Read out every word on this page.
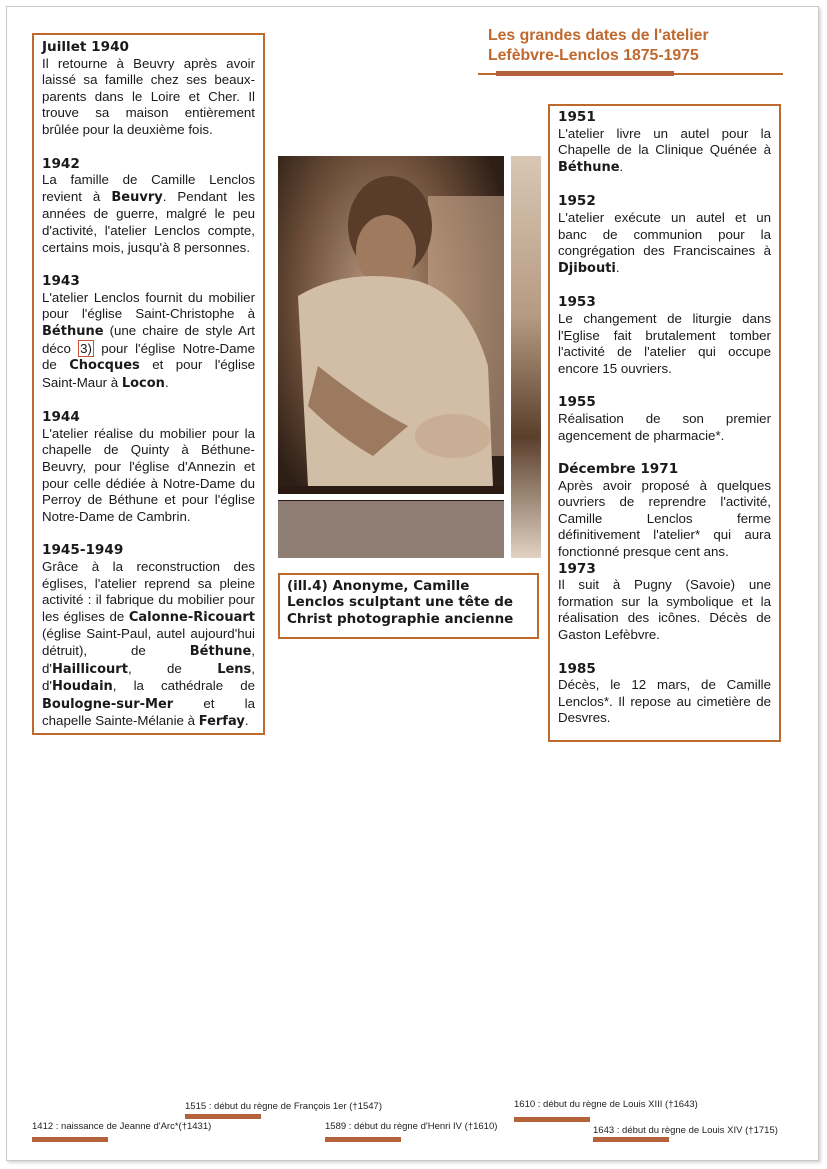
Les grandes dates de l'atelier
Lefèbvre-Lenclos 1875-1975
Juillet 1940

Il retourne à Beuvry après avoir laissé sa famille chez ses beaux-parents dans le Loire et Cher. Il trouve sa maison entièrement brûlée pour la deuxième fois.

1942

La famille de Camille Lenclos revient à Beuvry. Pendant les années de guerre, malgré le peu d'activité, l'atelier Lenclos compte, certains mois, jusqu'à 8 personnes.

1943

L'atelier Lenclos fournit du mobilier pour l'église Saint-Christophe à Béthune (une chaire de style Art déco 3) pour l'église Notre-Dame de Chocques et pour l'église Saint-Maur à Locon.

1944

L'atelier réalise du mobilier pour la chapelle de Quinty à Béthune-Beuvry, pour l'église d'Annezin et pour celle dédiée à Notre-Dame du Perroy de Béthune et pour l'église Notre-Dame de Cambrin.

1945-1949

Grâce à la reconstruction des églises, l'atelier reprend sa pleine activité : il fabrique du mobilier pour les églises de Calonne-Ricouart (église Saint-Paul, autel aujourd'hui détruit), de Béthune, d'Haillicourt, de Lens, d'Houdain, la cathédrale de Boulogne-sur-Mer et la chapelle Sainte-Mélanie à Ferfay.

(ill.4) Anonyme, Camille Lenclos sculptant une tête de Christ photographie ancienne
1951

L'atelier livre un autel pour la Chapelle de la Clinique Quénée à Béthune.

1952

L'atelier exécute un autel et un banc de communion pour la congrégation des Franciscaines à Djibouti.

1953

Le changement de liturgie dans l'Eglise fait brutalement tomber l'activité de l'atelier qui occupe encore 15 ouvriers.

1955

Réalisation de son premier agencement de pharmacie*.

Décembre 1971

Après avoir proposé à quelques ouvriers de reprendre l'activité, Camille Lenclos ferme définitivement l'atelier* qui aura fonctionné presque cent ans.

1973

Il suit à Pugny (Savoie) une formation sur la symbolique et la réalisation des icônes. Décès de Gaston Lefèbvre.

1985

Décès, le 12 mars, de Camille Lenclos*. Il repose au cimetière de Desvres.

1412 : naissance de Jeanne d'Arc*(†1431)
1515 : début du règne de François 1er (†1547)
1589 : début du règne d'Henri IV (†1610)
1610 : début du règne de Louis XIII (†1643)
1643 : début du règne de Louis XIV (†1715)
